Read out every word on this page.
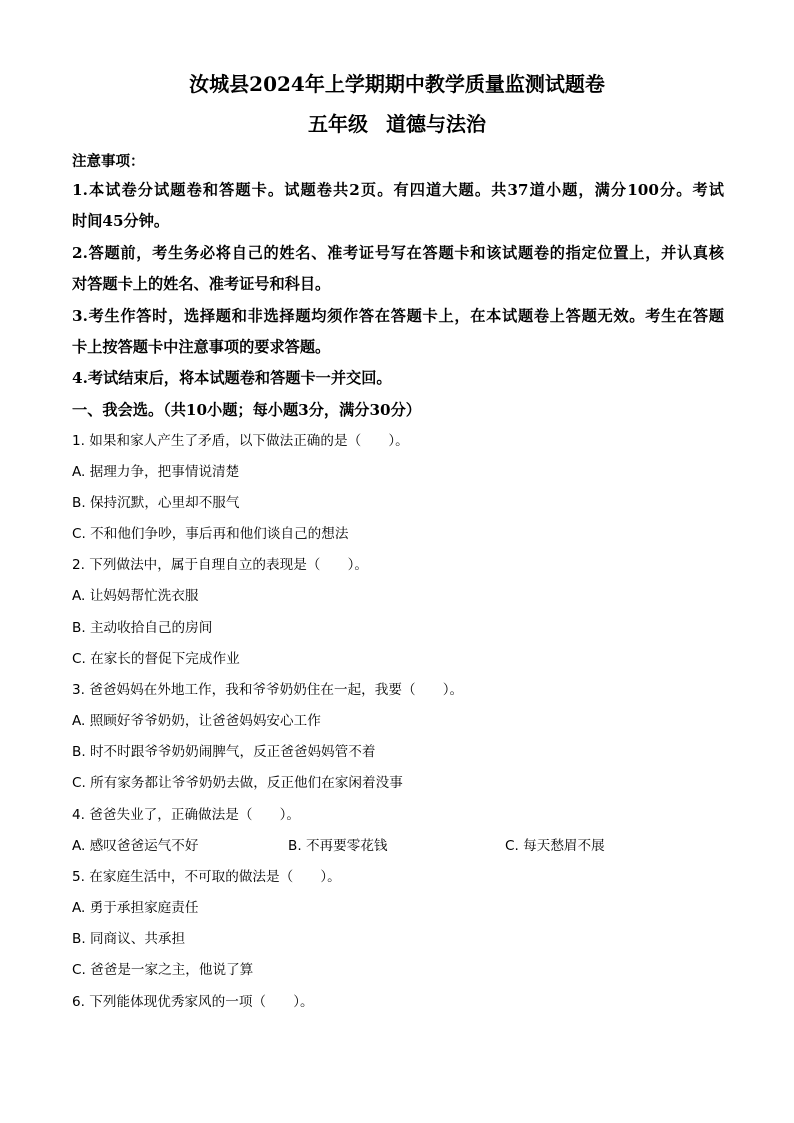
汝城县2024年上学期期中教学质量监测试题卷
五年级 道德与法治
注意事项：
1.本试卷分试题卷和答题卡。试题卷共2页。有四道大题。共37道小题，满分100分。考试
时间45分钟。
2.答题前，考生务必将自己的姓名、准考证号写在答题卡和该试题卷的指定位置上，并认真核
对答题卡上的姓名、准考证号和科目。
3.考生作答时，选择题和非选择题均须作答在答题卡上，在本试题卷上答题无效。考生在答题
卡上按答题卡中注意事项的要求答题。
4.考试结束后，将本试题卷和答题卡一并交回。
一、我会选。（共10小题；每小题3分，满分30分）
1. 如果和家人产生了矛盾，以下做法正确的是（　　）。
A. 据理力争，把事情说清楚
B. 保持沉默，心里却不服气
C. 不和他们争吵，事后再和他们谈自己的想法
2. 下列做法中，属于自理自立的表现是（　　）。
A. 让妈妈帮忙洗衣服
B. 主动收拾自己的房间
C. 在家长的督促下完成作业
3. 爸爸妈妈在外地工作，我和爷爷奶奶住在一起，我要（　　）。
A. 照顾好爷爷奶奶，让爸爸妈妈安心工作
B. 时不时跟爷爷奶奶闹脾气，反正爸爸妈妈管不着
C. 所有家务都让爷爷奶奶去做，反正他们在家闲着没事
4. 爸爸失业了，正确做法是（　　）。
A. 感叹爸爸运气不好	B. 不再要零花钱	C. 每天愁眉不展
5. 在家庭生活中，不可取的做法是（　　）。
A. 勇于承担家庭责任
B. 同商议、共承担
C. 爸爸是一家之主，他说了算
6. 下列能体现优秀家风的一项（　　）。
